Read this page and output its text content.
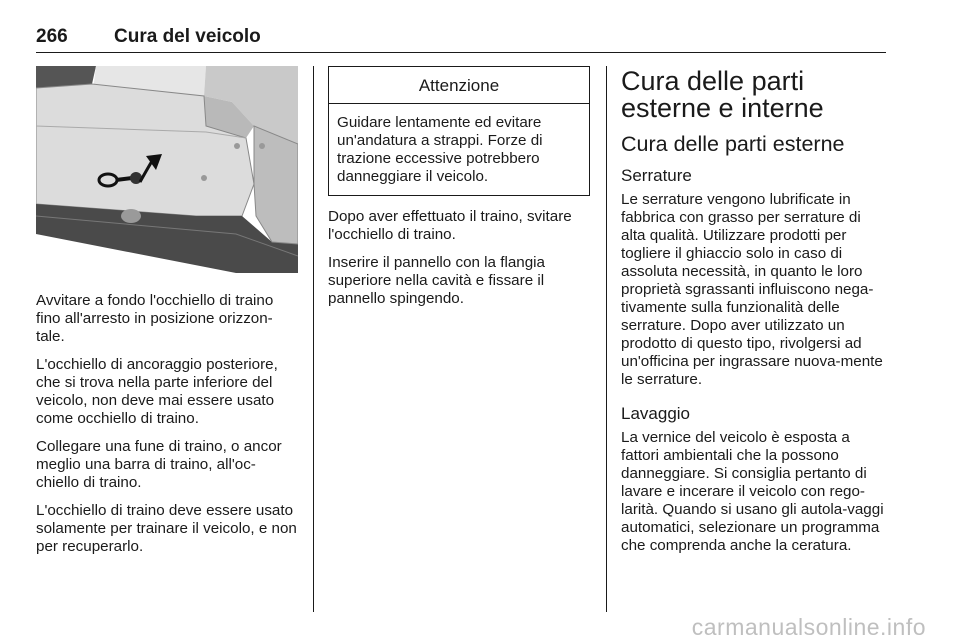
266 Cura del veicolo

Avvitare a fondo l'occhiello di traino fino all'arresto in posizione orizzon-tale.

L'occhiello di ancoraggio posteriore, che si trova nella parte inferiore del veicolo, non deve mai essere usato come occhiello di traino.

Collegare una fune di traino, o ancor meglio una barra di traino, all'oc-chiello di traino.

L'occhiello di traino deve essere usato solamente per trainare il veicolo, e non per recuperarlo.

Attenzione
Guidare lentamente ed evitare un'andatura a strappi. Forze di trazione eccessive potrebbero danneggiare il veicolo.

Dopo aver effettuato il traino, svitare l'occhiello di traino.

Inserire il pannello con la flangia superiore nella cavità e fissare il pannello spingendo.

Cura delle parti esterne e interne
Cura delle parti esterne
Serrature

Le serrature vengono lubrificate in fabbrica con grasso per serrature di alta qualità. Utilizzare prodotti per togliere il ghiaccio solo in caso di assoluta necessità, in quanto le loro proprietà sgrassanti influiscono nega-tivamente sulla funzionalità delle serrature. Dopo aver utilizzato un prodotto di questo tipo, rivolgersi ad un'officina per ingrassare nuova-mente le serrature.

Lavaggio

La vernice del veicolo è esposta a fattori ambientali che la possono danneggiare. Si consiglia pertanto di lavare e incerare il veicolo con rego-larità. Quando si usano gli autola-vaggi automatici, selezionare un programma che comprenda anche la ceratura.

carmanualsonline.info
